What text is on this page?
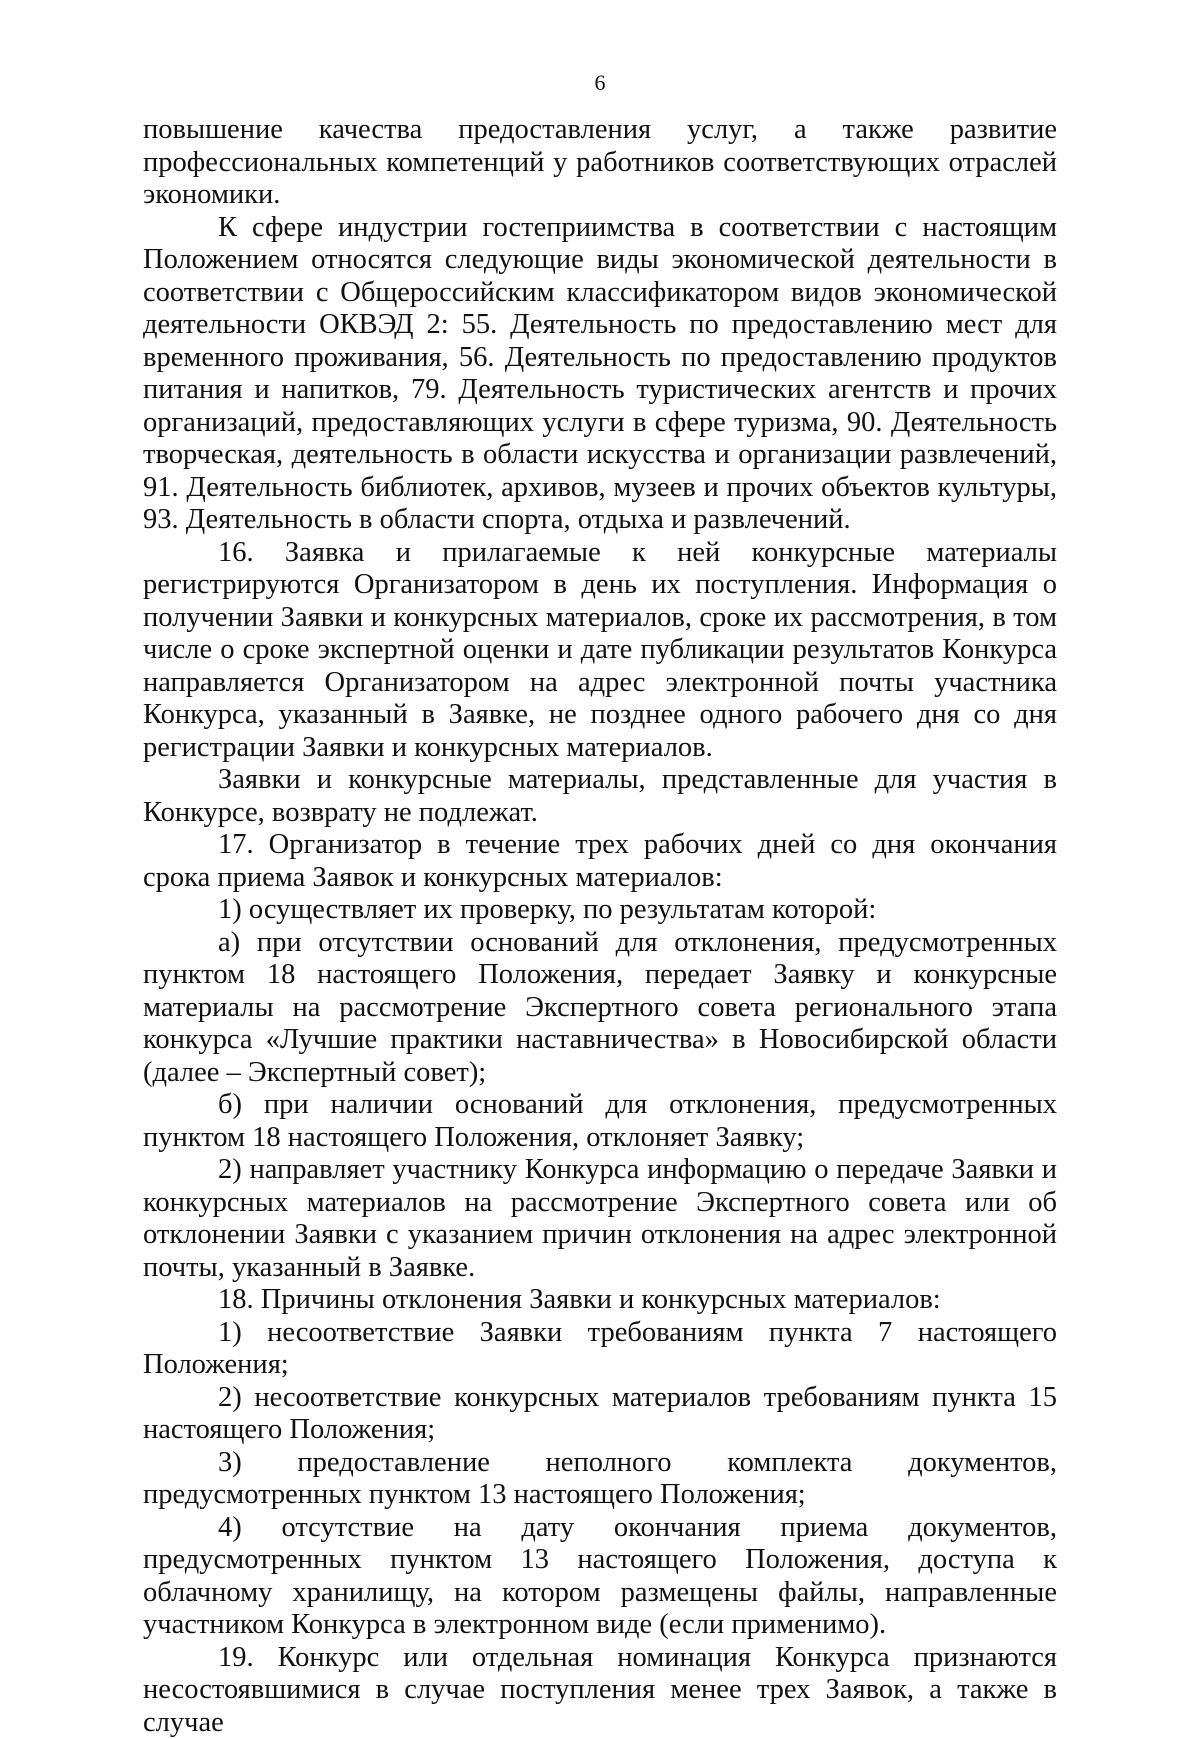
6

повышение качества предоставления услуг, а также развитие профессиональных компетенций у работников соответствующих отраслей экономики.

К сфере индустрии гостеприимства в соответствии с настоящим Положением относятся следующие виды экономической деятельности в соответствии с Общероссийским классификатором видов экономической деятельности ОКВЭД 2: 55. Деятельность по предоставлению мест для временного проживания, 56. Деятельность по предоставлению продуктов питания и напитков, 79. Деятельность туристических агентств и прочих организаций, предоставляющих услуги в сфере туризма, 90. Деятельность творческая, деятельность в области искусства и организации развлечений, 91. Деятельность библиотек, архивов, музеев и прочих объектов культуры, 93. Деятельность в области спорта, отдыха и развлечений.

16. Заявка и прилагаемые к ней конкурсные материалы регистрируются Организатором в день их поступления. Информация о получении Заявки и конкурсных материалов, сроке их рассмотрения, в том числе о сроке экспертной оценки и дате публикации результатов Конкурса направляется Организатором на адрес электронной почты участника Конкурса, указанный в Заявке, не позднее одного рабочего дня со дня регистрации Заявки и конкурсных материалов.

Заявки и конкурсные материалы, представленные для участия в Конкурсе, возврату не подлежат.

17. Организатор в течение трех рабочих дней со дня окончания срока приема Заявок и конкурсных материалов:

1) осуществляет их проверку, по результатам которой:

а) при отсутствии оснований для отклонения, предусмотренных пунктом 18 настоящего Положения, передает Заявку и конкурсные материалы на рассмотрение Экспертного совета регионального этапа конкурса «Лучшие практики наставничества» в Новосибирской области (далее – Экспертный совет);

б) при наличии оснований для отклонения, предусмотренных пунктом 18 настоящего Положения, отклоняет Заявку;

2) направляет участнику Конкурса информацию о передаче Заявки и конкурсных материалов на рассмотрение Экспертного совета или об отклонении Заявки с указанием причин отклонения на адрес электронной почты, указанный в Заявке.

18. Причины отклонения Заявки и конкурсных материалов:

1) несоответствие Заявки требованиям пункта 7 настоящего Положения;

2) несоответствие конкурсных материалов требованиям пункта 15 настоящего Положения;

3) предоставление неполного комплекта документов, предусмотренных пунктом 13 настоящего Положения;

4) отсутствие на дату окончания приема документов, предусмотренных пунктом 13 настоящего Положения, доступа к облачному хранилищу, на котором размещены файлы, направленные участником Конкурса в электронном виде (если применимо).

19. Конкурс или отдельная номинация Конкурса признаются несостоявшимися в случае поступления менее трех Заявок, а также в случае
